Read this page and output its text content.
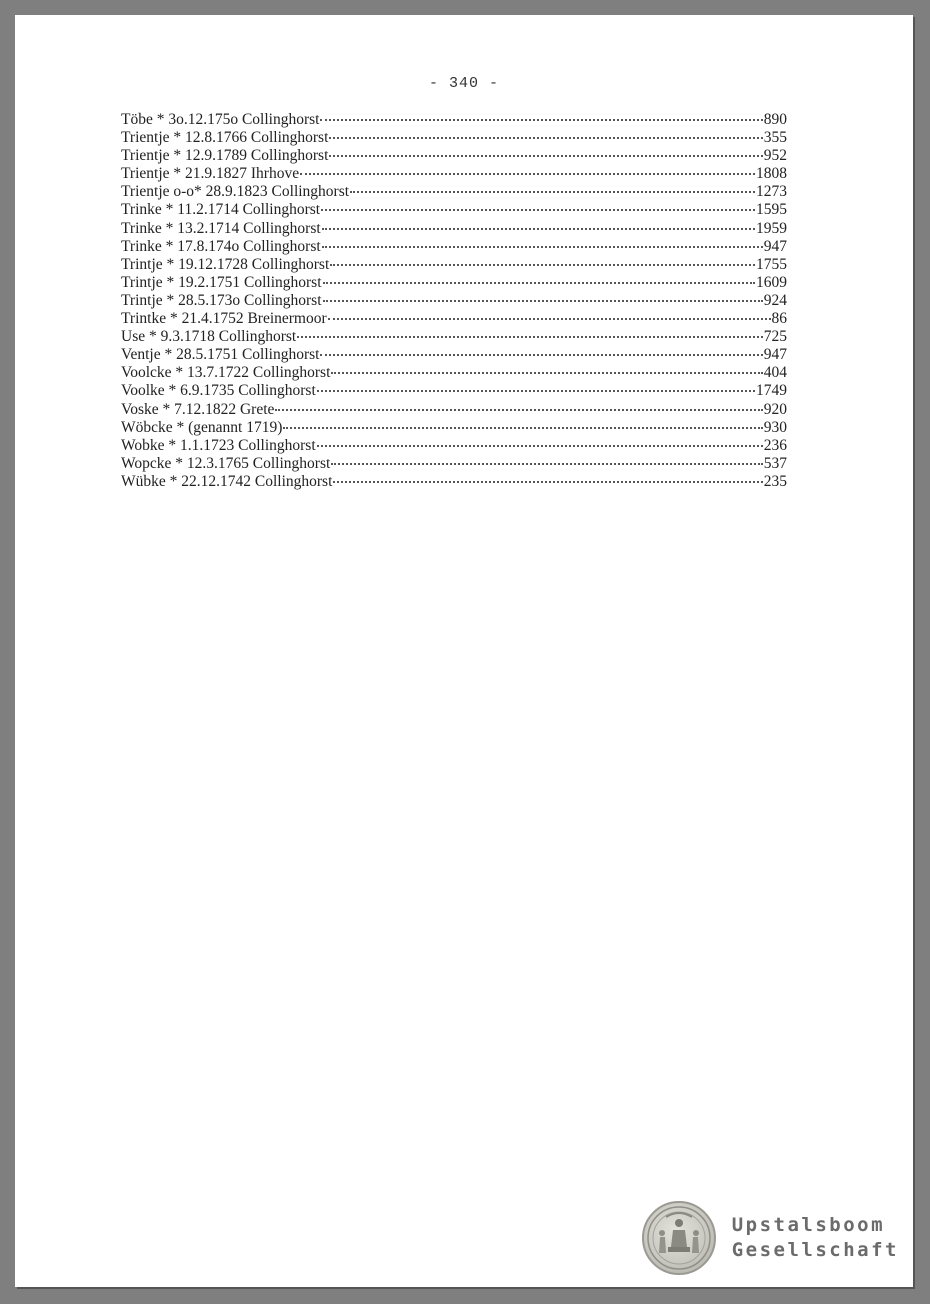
- 340 -
Töbe * 3o.12.175o Collinghorst	890
Trientje * 12.8.1766 Collinghorst	355
Trientje * 12.9.1789 Collinghorst	952
Trientje * 21.9.1827 Ihrhove	1808
Trientje o-o* 28.9.1823 Collinghorst	1273
Trinke * 11.2.1714 Collinghorst	1595
Trinke * 13.2.1714 Collinghorst	1959
Trinke * 17.8.174o Collinghorst	947
Trintje * 19.12.1728 Collinghorst	1755
Trintje * 19.2.1751 Collinghorst	1609
Trintje * 28.5.173o Collinghorst	924
Trintke * 21.4.1752 Breinermoor	86
Use * 9.3.1718 Collinghorst	725
Ventje * 28.5.1751 Collinghorst	947
Voolcke * 13.7.1722 Collinghorst	404
Voolke * 6.9.1735 Collinghorst	1749
Voske * 7.12.1822 Grete	920
Wöbcke * (genannt 1719)	930
Wobke * 1.1.1723 Collinghorst	236
Wopcke * 12.3.1765 Collinghorst	537
Wübke * 22.12.1742 Collinghorst	235
Upstalsboom
Gesellschaft
